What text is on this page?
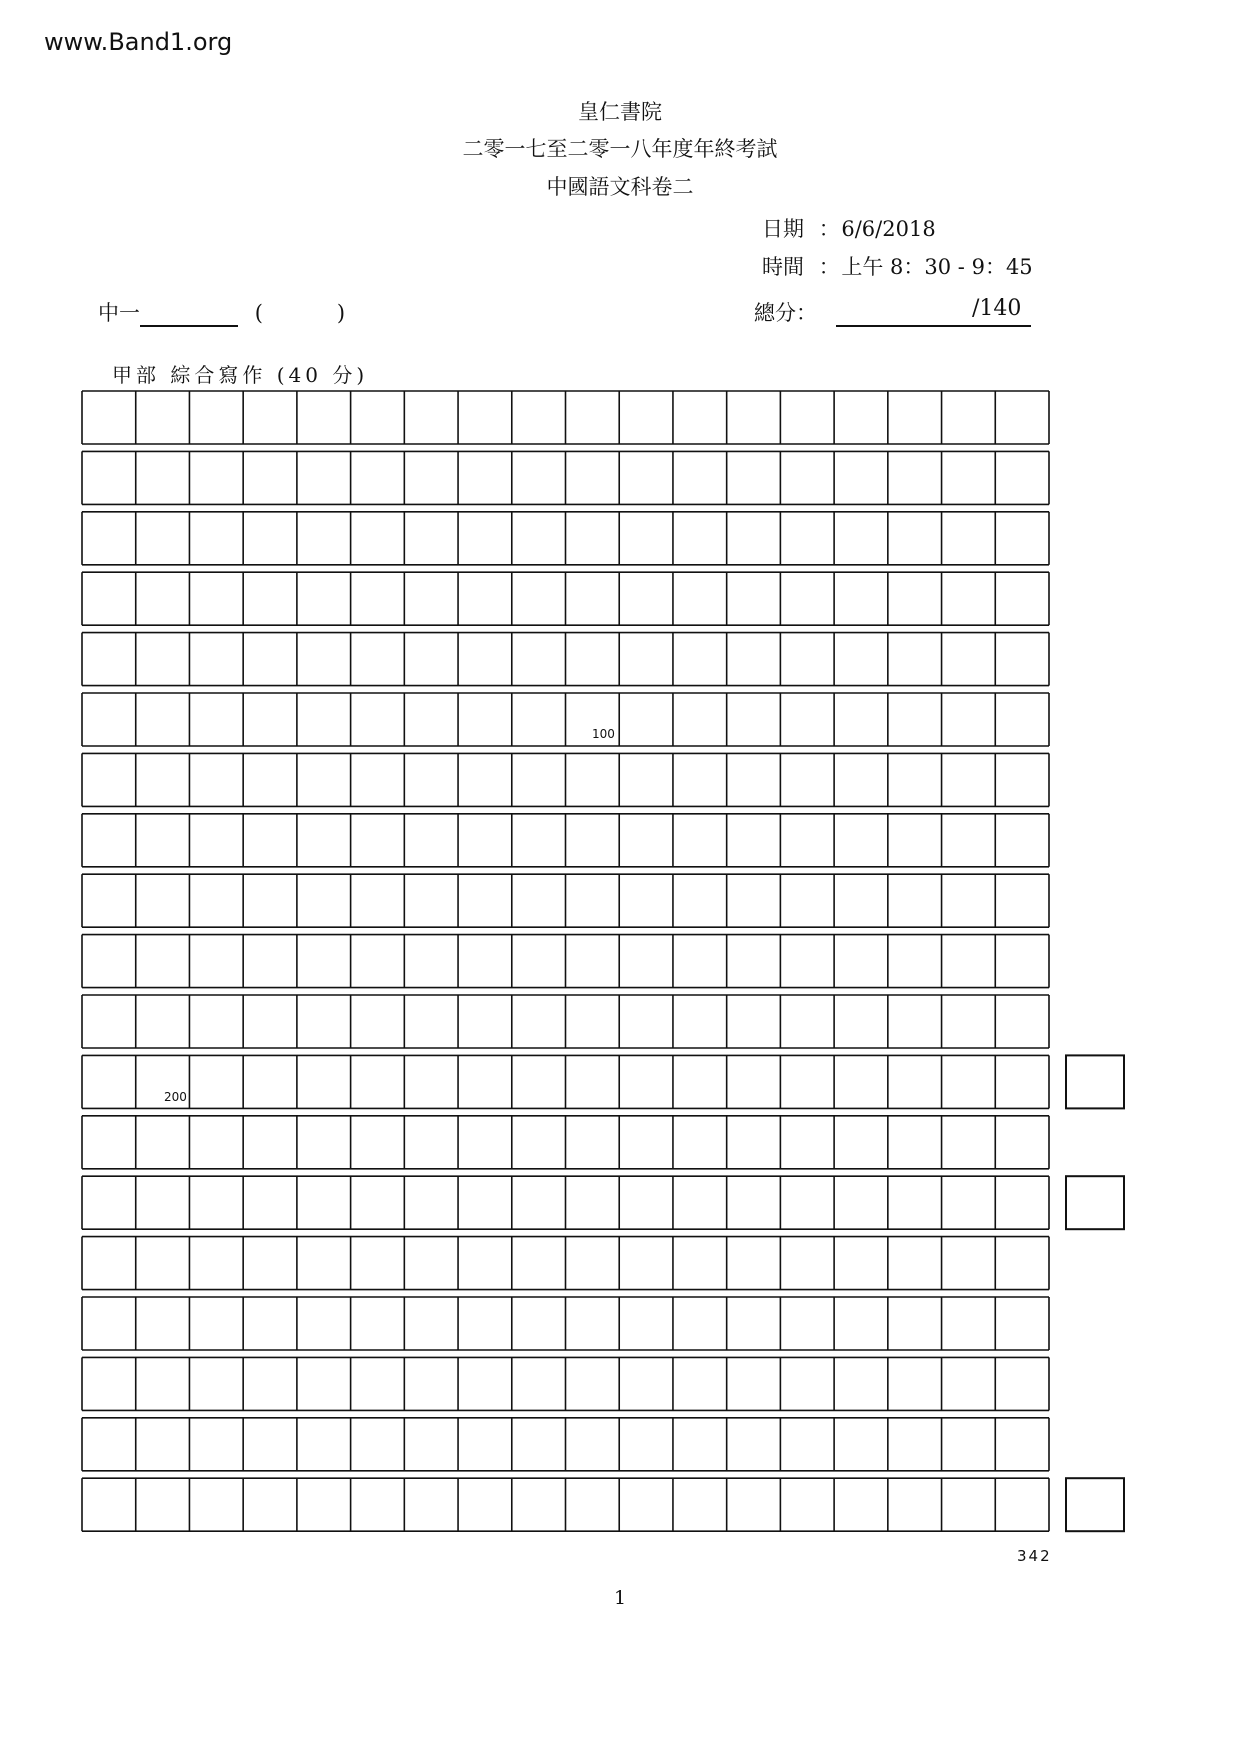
www.Band1.org
皇仁書院
二零一七至二零一八年度年終考試
中國語文科卷二
日期 ： 6/6/2018
時間 ： 上午 8：30 - 9：45
中一	(	)	總分：	/140
甲部 綜合寫作 (40 分)
100
200
342
1
